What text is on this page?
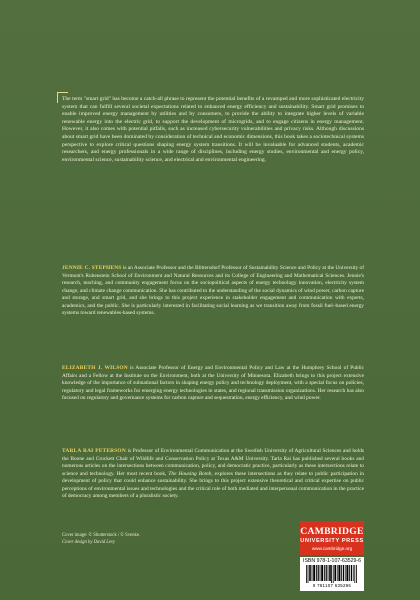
The term "smart grid" has become a catch-all phrase to represent the potential benefits of a revamped and more sophisticated electricity system that can fulfill several societal expectations related to enhanced energy efficiency and sustainability. Smart grid promises to enable improved energy management by utilities and by consumers, to provide the ability to integrate higher levels of variable renewable energy into the electric grid, to support the development of microgrids, and to engage citizens in energy management. However, it also comes with potential pitfalls, such as increased cybersecurity vulnerabilities and privacy risks. Although discussions about smart grid have been dominated by consideration of technical and economic dimensions, this book takes a sociotechnical systems perspective to explore critical questions shaping energy system transitions. It will be invaluable for advanced students, academic researchers, and energy professionals in a wide range of disciplines, including energy studies, environmental and energy policy, environmental science, sustainability science, and electrical and environmental engineering.
JENNIE C. STEPHENS is an Associate Professor and the Blittersdorf Professor of Sustainability Science and Policy at the University of Vermont's Rubenstein School of Environment and Natural Resources and its College of Engineering and Mathematical Sciences. Jennie's research, teaching, and community engagement focus on the sociopolitical aspects of energy technology innovation, electricity system change, and climate change communication. She has contributed to the understanding of the social dynamics of wind power, carbon capture and storage, and smart grid, and she brings to this project experience in stakeholder engagement and communication with experts, academics, and the public. She is particularly interested in facilitating social learning as we transition away from fossil fuel–based energy systems toward renewables-based systems.
ELIZABETH J. WILSON is Associate Professor of Energy and Environmental Policy and Law at the Humphrey School of Public Affairs and a Fellow at the Institute on the Environment, both at the University of Minnesota. Elizabeth brings to this project extensive knowledge of the importance of subnational factors in shaping energy policy and technology deployment, with a special focus on policies, regulatory and legal frameworks for emerging energy technologies in states, and regional transmission organizations. Her research has also focused on regulatory and governance systems for carbon capture and sequestration, energy efficiency, and wind power.
TARLA RAI PETERSON is Professor of Environmental Communication at the Swedish University of Agricultural Sciences and holds the Boone and Crockett Chair of Wildlife and Conservation Policy at Texas A&M University. Tarla Rai has published several books and numerous articles on the intersections between communication, policy, and democratic practice, particularly as these intersections relate to science and technology. Her most recent book, The Housing Bomb, explores these intersections as they relate to public participation in development of policy that could enhance sustainability. She brings to this project extensive theoretical and critical expertise on public perceptions of environmental issues and technologies and the critical role of both mediated and interpersonal communication in the practice of democracy among members of a pluralistic society.
Cover image: © Shutterstock / © Svenke.
Cover design by David Levy
CAMBRIDGE
UNIVERSITY PRESS
www.cambridge.org
ISBN 978-1-107-63529-6
9 781107 635296
